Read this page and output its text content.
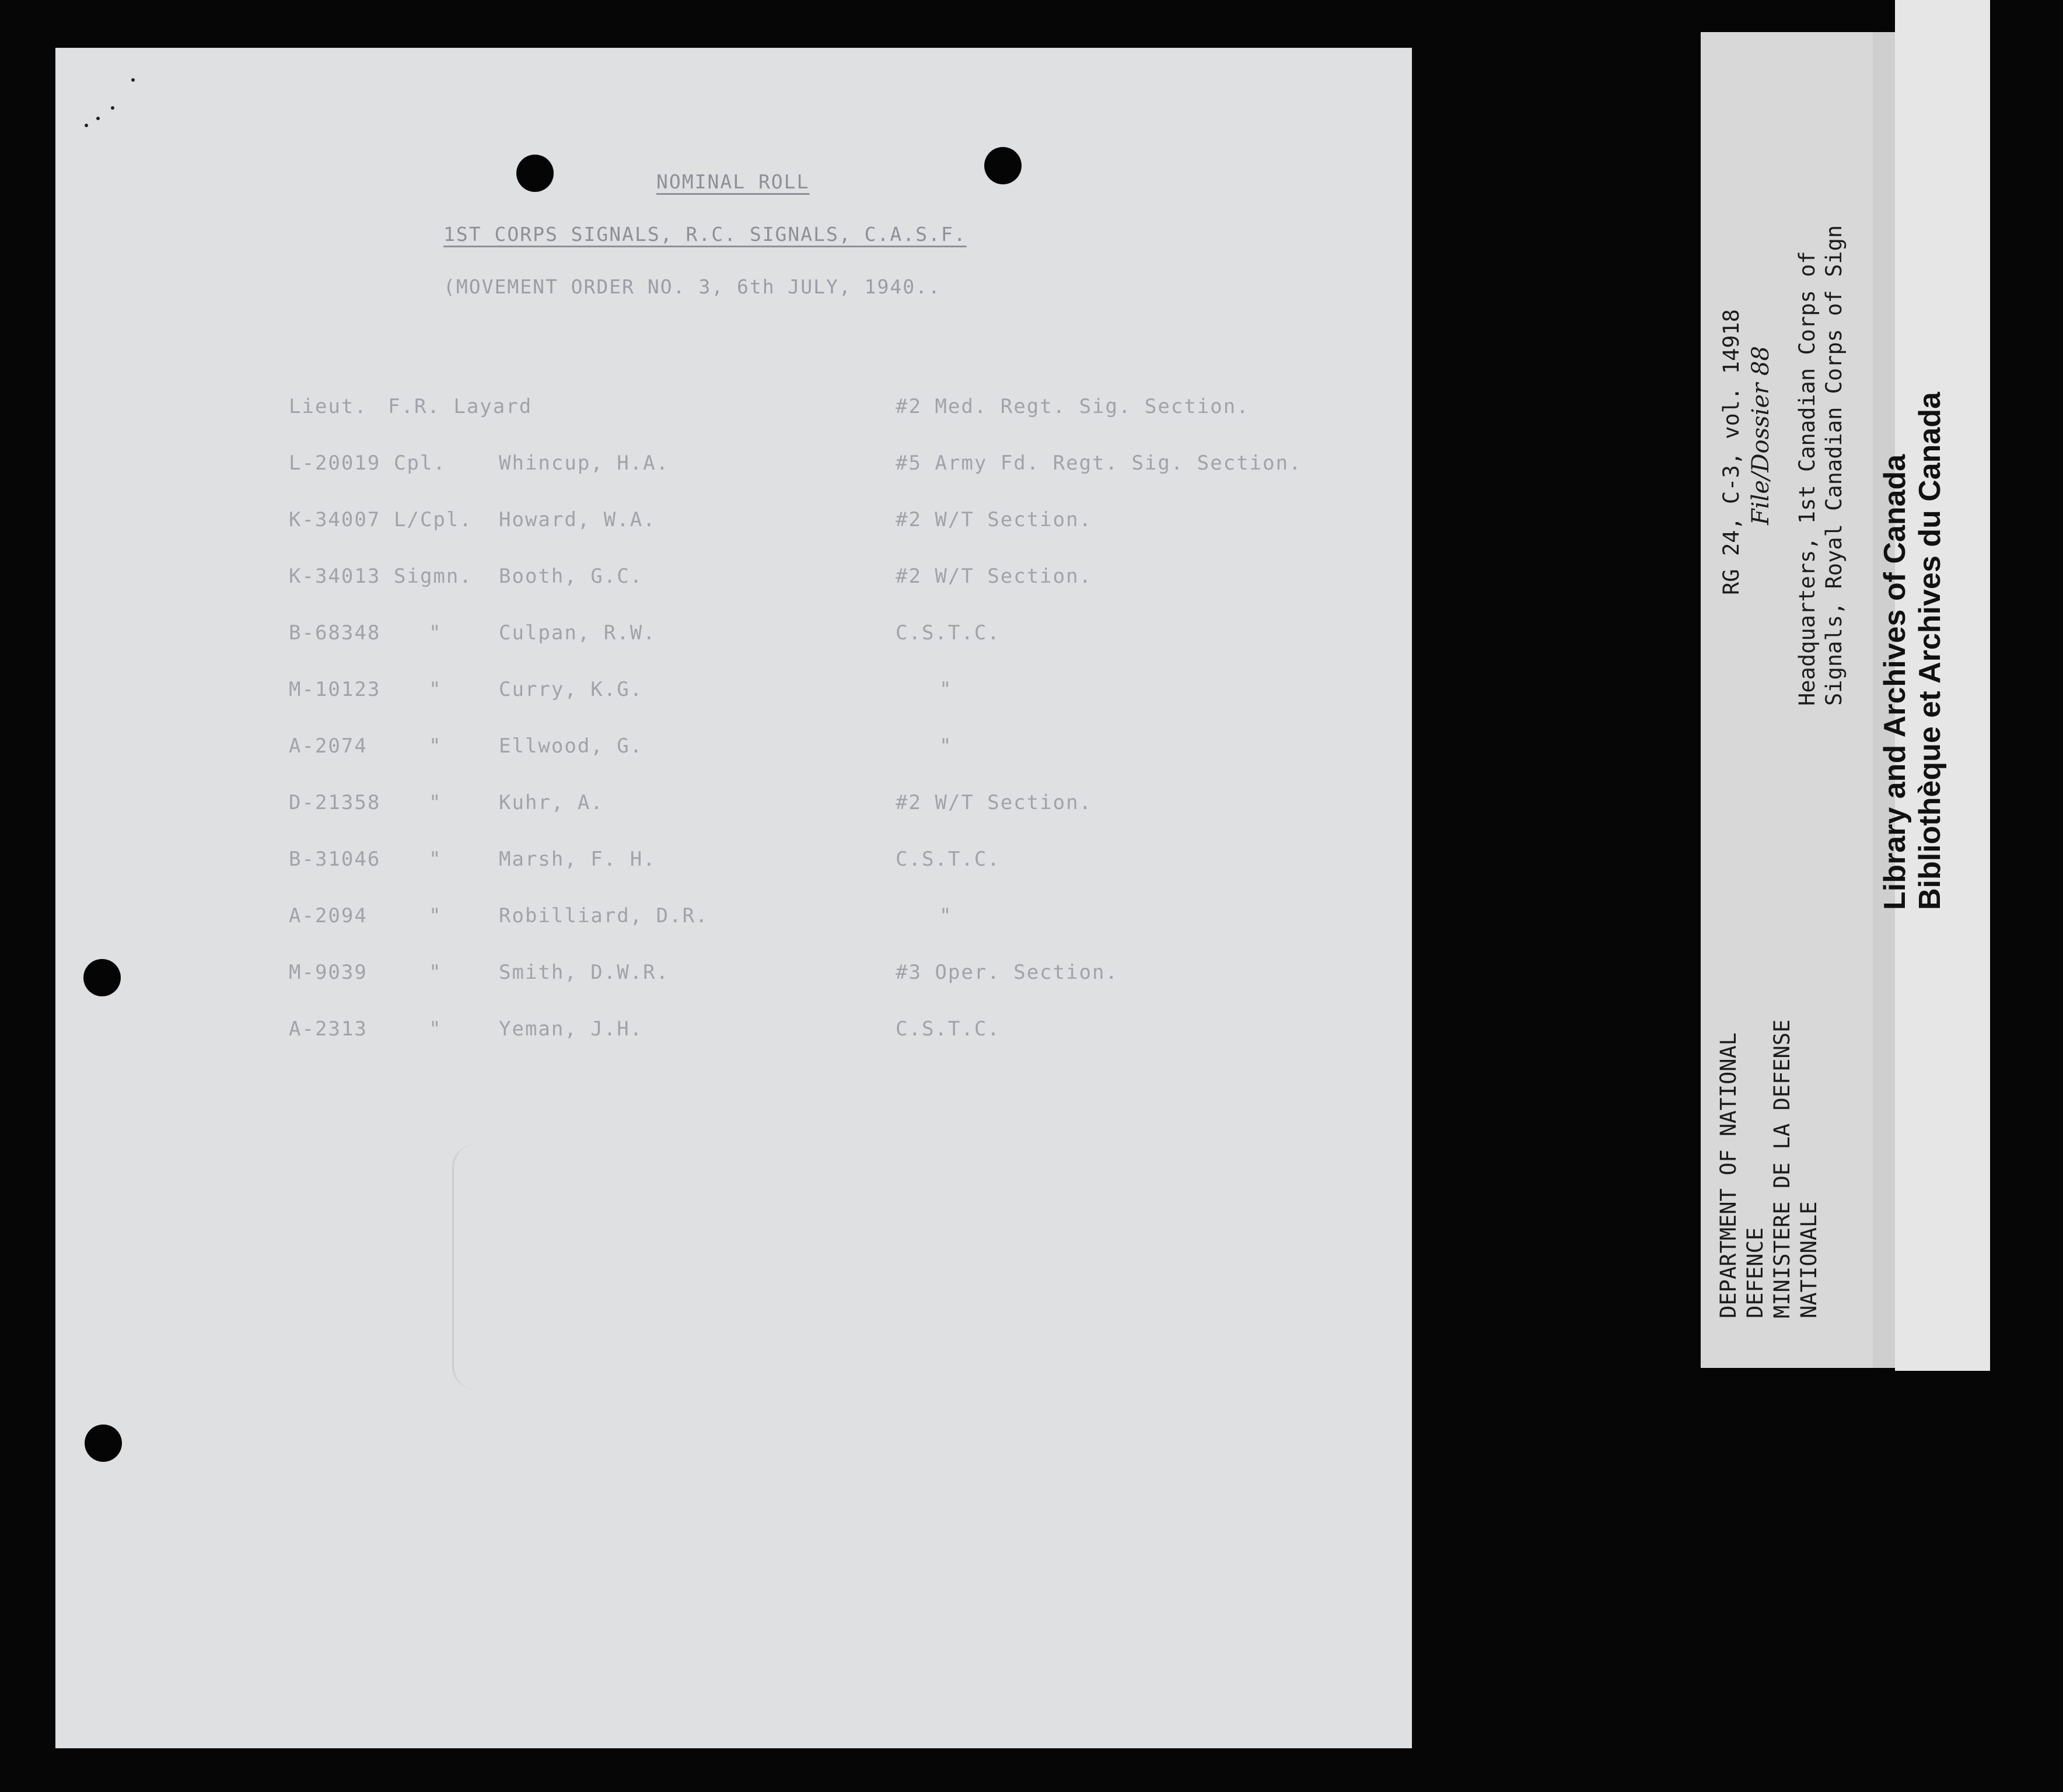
NOMINAL ROLL
1ST CORPS SIGNALS, R.C. SIGNALS, C.A.S.F.
(MOVEMENT ORDER NO. 3, 6th JULY, 1940..
Lieut. F.R. Layard	#2 Med. Regt. Sig. Section.
L-20019 Cpl.	Whincup, H.A.	#5 Army Fd. Regt. Sig. Section.
K-34007 L/Cpl. Howard, W.A.	#2 W/T Section.
K-34013 Sigmn. Booth, G.C.	#2 W/T Section.
B-68348 "	Culpan, R.W.	C.S.T.C.
M-10123 "	Curry, K.G.	"
A-2074	"	Ellwood, G.	"
D-21358 "	Kuhr, A.	#2 W/T Section.
B-31046 "	Marsh, F. H.	C.S.T.C.
A-2094	"	Robilliard, D.R.	"
M-9039	"	Smith, D.W.R.	#3 Oper. Section.
A-2313	"	Yeman, J.H.	C.S.T.C.
DEPARTMENT OF NATIONAL
DEFENCE
MINISTERE DE LA DEFENSE
NATIONALE
RG 24, C-3, vol. 14918 File/Dossier 88 Headquarters, 1st Canadian Corps of
Signals, Royal Canadian Corps of Sign Library and Archives of Canada
Bibliothèque et Archives du Canada
